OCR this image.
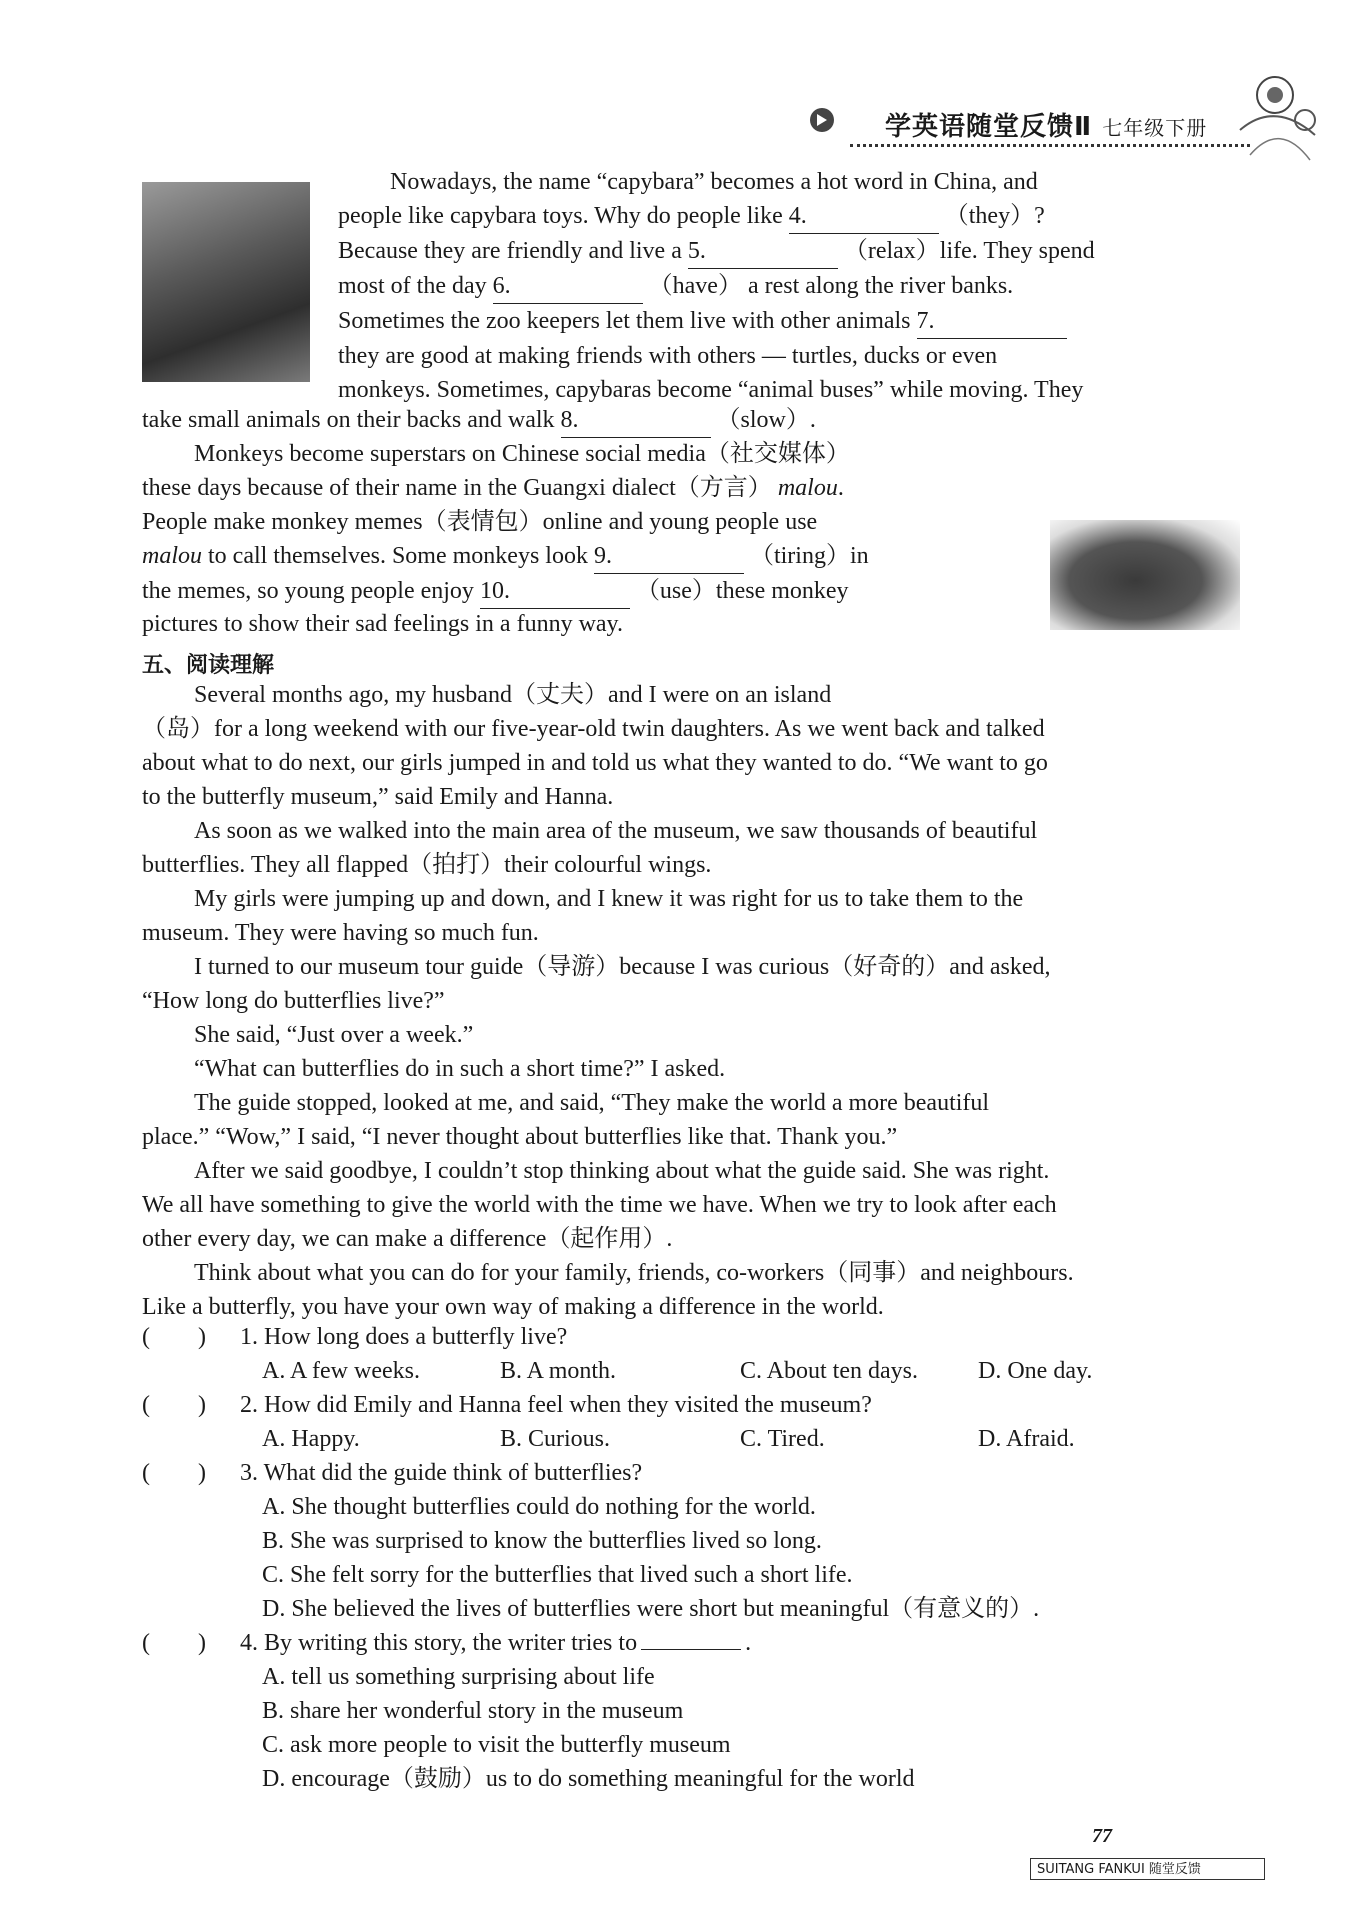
学英语随堂反馈Ⅱ 七年级下册

Nowadays, the name “capybara” becomes a hot word in China, and

people like capybara toys. Why do people like 4.	（they）?

Because they are friendly and live a 5.	（relax）life. They spend

most of the day 6.	（have） a rest along the river banks.

Sometimes the zoo keepers let them live with other animals 7.

they are good at making friends with others — turtles, ducks or even

monkeys. Sometimes, capybaras become “animal buses” while moving. They

take small animals on their backs and walk 8.	（slow）.

Monkeys become superstars on Chinese social media（社交媒体）

these days because of their name in the Guangxi dialect（方言） malou.

People make monkey memes（表情包）online and young people use

malou to call themselves. Some monkeys look 9.	（tiring）in

the memes, so young people enjoy 10.	（use）these monkey

pictures to show their sad feelings in a funny way.

五、阅读理解

Several months ago, my husband（丈夫）and I were on an island

（岛）for a long weekend with our five-year-old twin daughters. As we went back and talked

about what to do next, our girls jumped in and told us what they wanted to do. “We want to go

to the butterfly museum,” said Emily and Hanna.

As soon as we walked into the main area of the museum, we saw thousands of beautiful

butterflies. They all flapped（拍打）their colourful wings.

My girls were jumping up and down, and I knew it was right for us to take them to the

museum. They were having so much fun.

I turned to our museum tour guide（导游）because I was curious（好奇的）and asked,

“How long do butterflies live?”

She said, “Just over a week.”

“What can butterflies do in such a short time?” I asked.

The guide stopped, looked at me, and said, “They make the world a more beautiful

place.” “Wow,” I said, “I never thought about butterflies like that. Thank you.”

After we said goodbye, I couldn’t stop thinking about what the guide said. She was right.

We all have something to give the world with the time we have. When we try to look after each

other every day, we can make a difference（起作用）.

Think about what you can do for your family, friends, co-workers（同事）and neighbours.

Like a butterfly, you have your own way of making a difference in the world.

(        ) 1. How long does a butterfly live?
A. A few weeks.	B. A month.	C. About ten days.	D. One day.
(        ) 2. How did Emily and Hanna feel when they visited the museum?
A. Happy.	B. Curious.	C. Tired.	D. Afraid.
(        ) 3. What did the guide think of butterflies?
A. She thought butterflies could do nothing for the world.
B. She was surprised to know the butterflies lived so long.
C. She felt sorry for the butterflies that lived such a short life.
D. She believed the lives of butterflies were short but meaningful（有意义的）.
(        ) 4. By writing this story, the writer tries to	.
A. tell us something surprising about life
B. share her wonderful story in the museum
C. ask more people to visit the butterfly museum
D. encourage（鼓励）us to do something meaningful for the world
77
SUITANG FANKUI 随堂反馈
